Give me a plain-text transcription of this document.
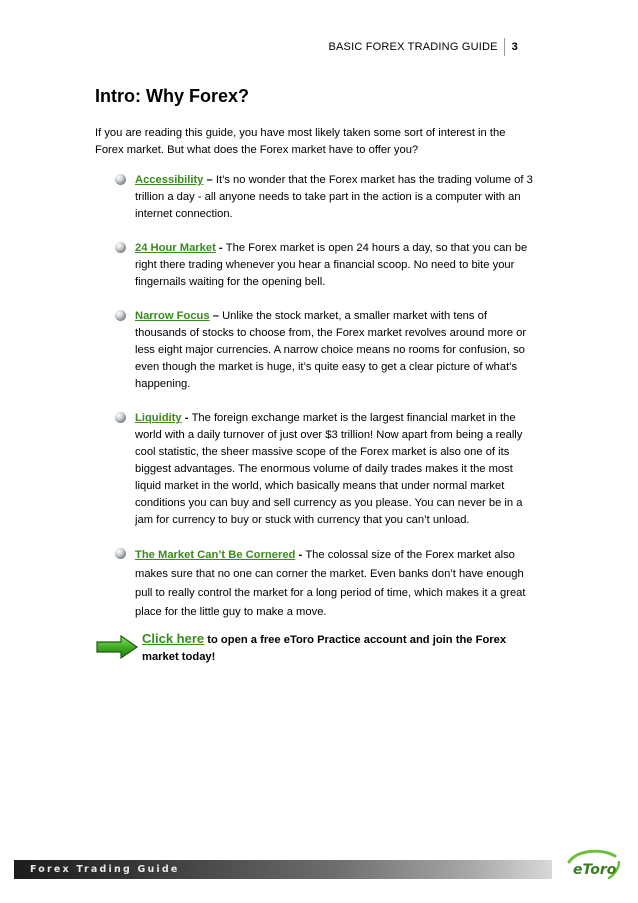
BASIC FOREX TRADING GUIDE 3
Intro: Why Forex?
If you are reading this guide, you have most likely taken some sort of interest in the Forex market. But what does the Forex market have to offer you?
Accessibility – It’s no wonder that the Forex market has the trading volume of 3 trillion a day - all anyone needs to take part in the action is a computer with an internet connection.
24 Hour Market - The Forex market is open 24 hours a day, so that you can be right there trading whenever you hear a financial scoop. No need to bite your fingernails waiting for the opening bell.
Narrow Focus – Unlike the stock market, a smaller market with tens of thousands of stocks to choose from, the Forex market revolves around more or less eight major currencies. A narrow choice means no rooms for confusion, so even though the market is huge, it’s quite easy to get a clear picture of what’s happening.
Liquidity - The foreign exchange market is the largest financial market in the world with a daily turnover of just over $3 trillion! Now apart from being a really cool statistic, the sheer massive scope of the Forex market is also one of its biggest advantages. The enormous volume of daily trades makes it the most liquid market in the world, which basically means that under normal market conditions you can buy and sell currency as you please. You can never be in a jam for currency to buy or stuck with currency that you can’t unload.
The Market Can’t Be Cornered - The colossal size of the Forex market also makes sure that no one can corner the market. Even banks don’t have enough pull to really control the market for a long period of time, which makes it a great place for the little guy to make a move.
Click here to open a free eToro Practice account and join the Forex market today!
Forex Trading Guide	eToro
